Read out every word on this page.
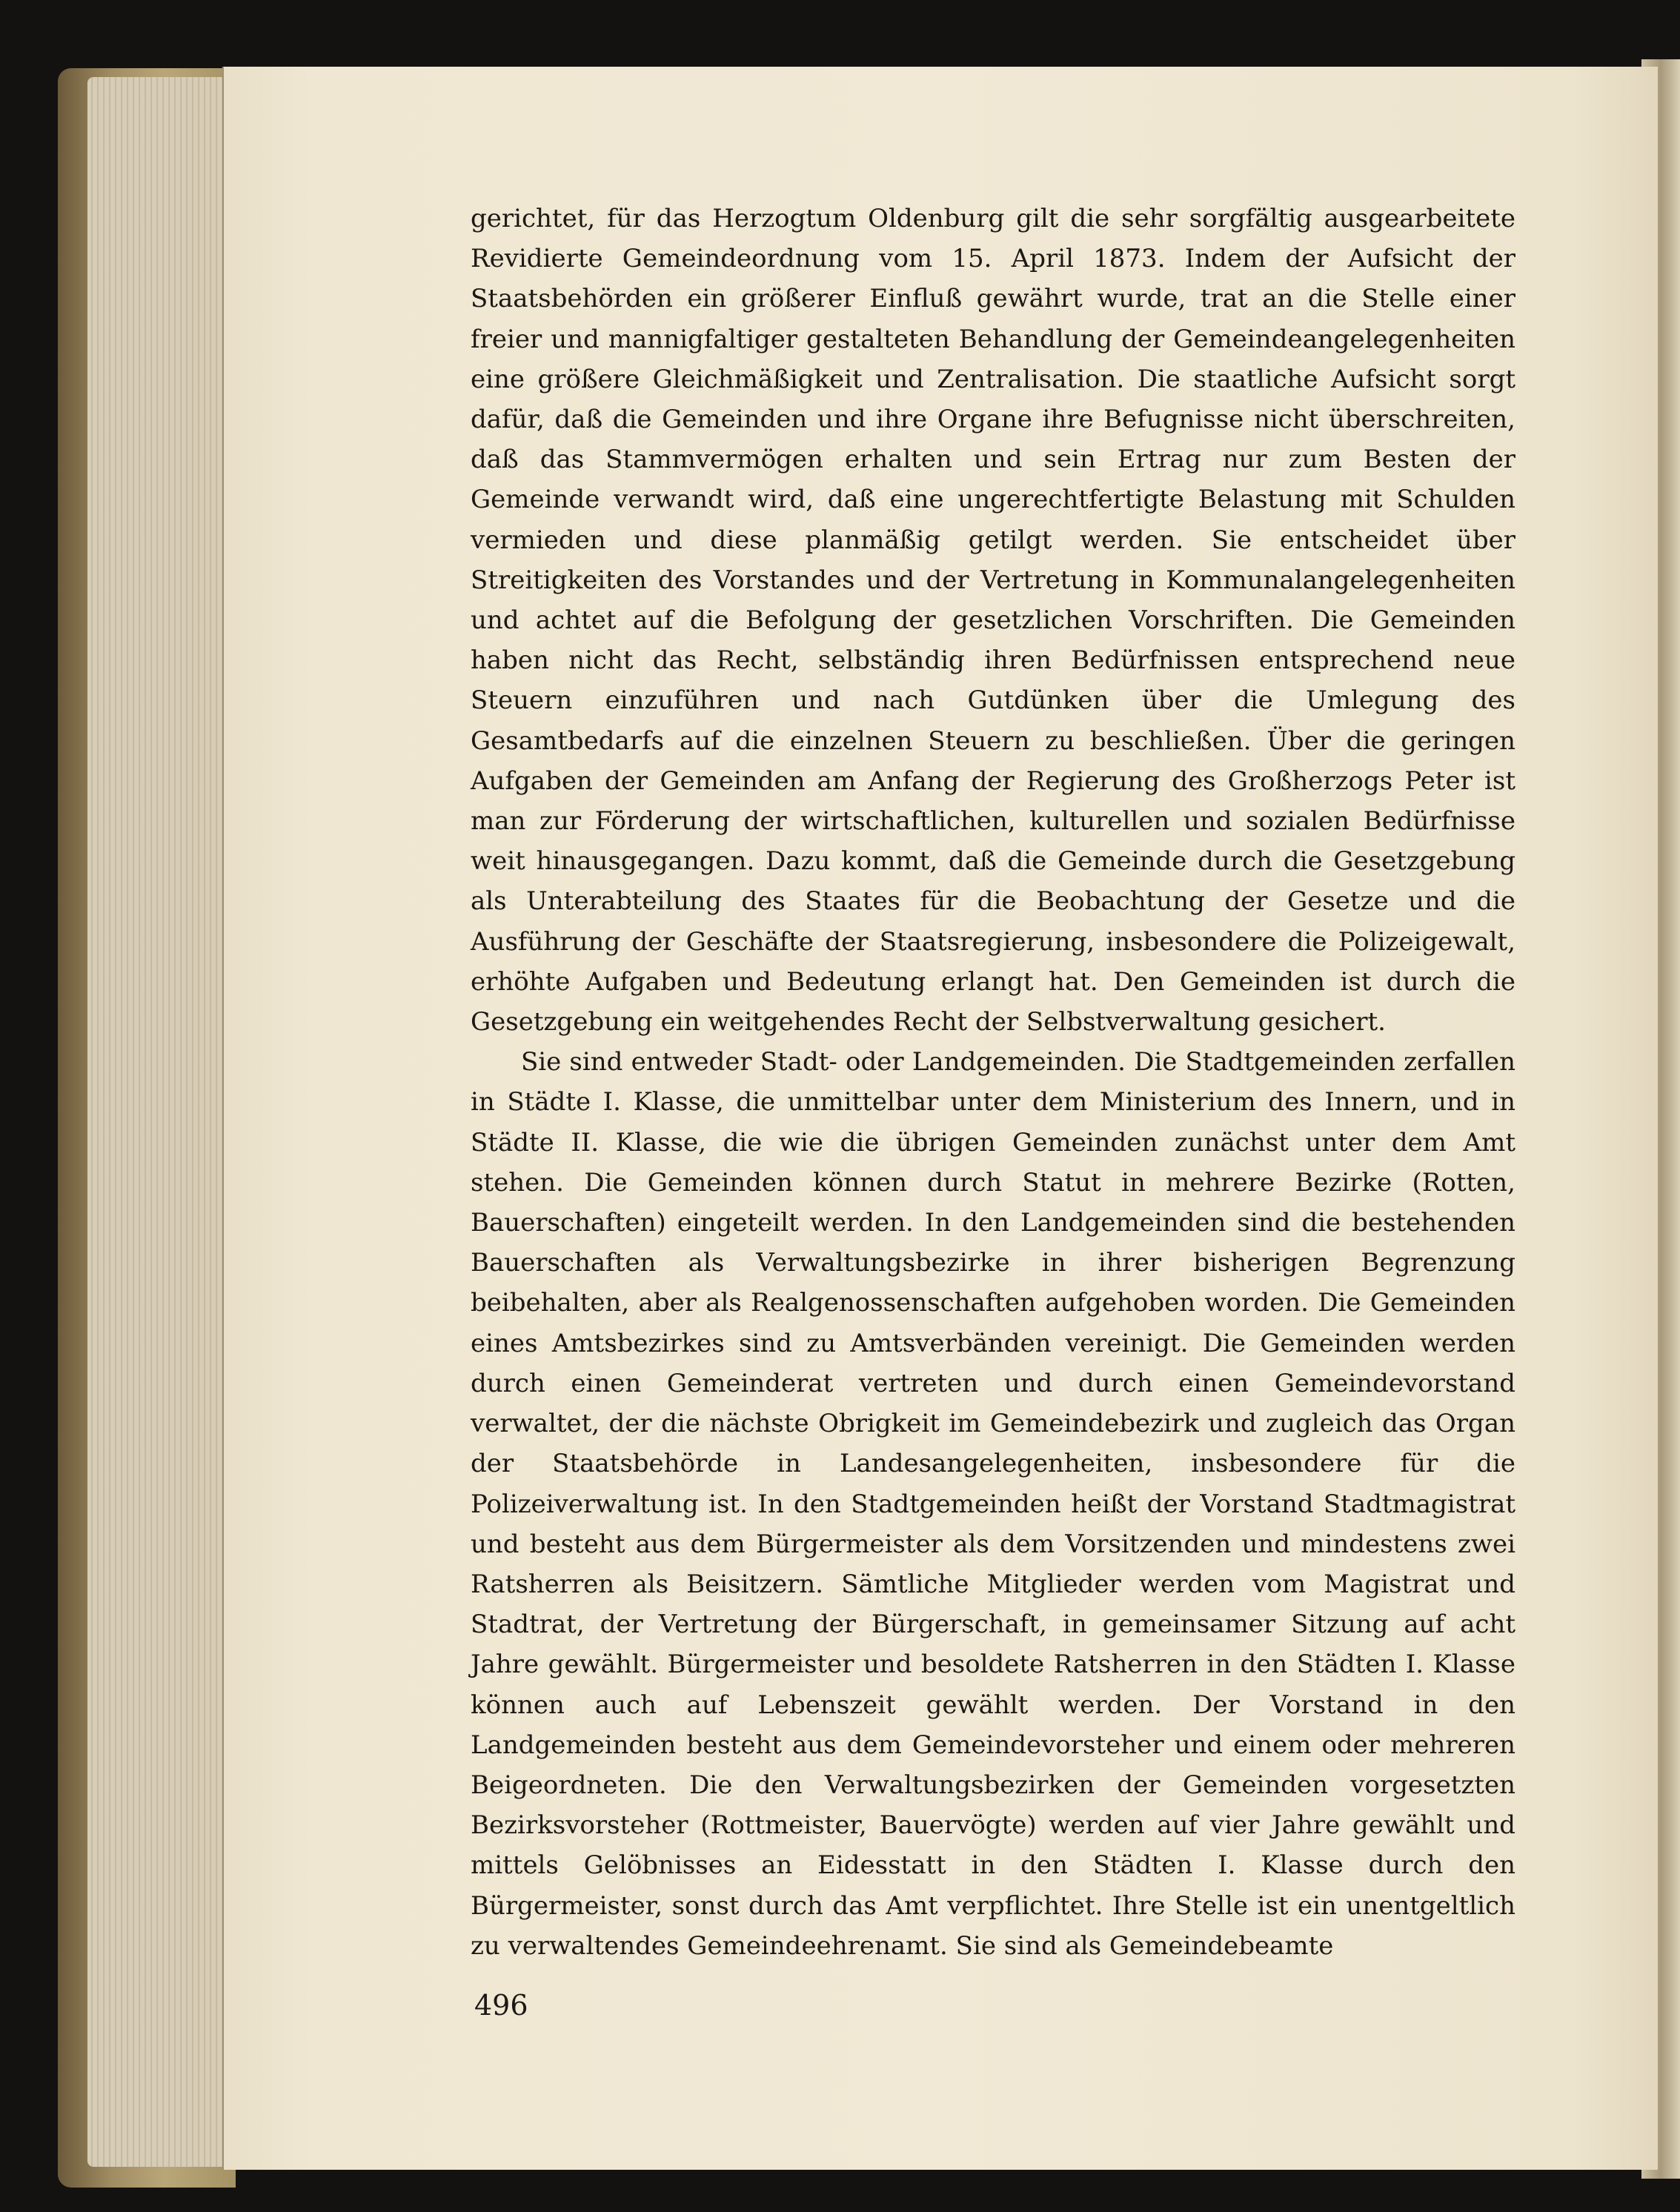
gerichtet, für das Herzogtum Oldenburg gilt die sehr sorgfältig ausgearbeitete Revidierte Gemeindeordnung vom 15. April 1873. Indem der Aufsicht der Staatsbehörden ein größerer Einfluß gewährt wurde, trat an die Stelle einer freier und mannigfaltiger gestalteten Behandlung der Gemeindeangelegenheiten eine größere Gleichmäßigkeit und Zentralisation. Die staatliche Aufsicht sorgt dafür, daß die Gemeinden und ihre Organe ihre Befugnisse nicht überschreiten, daß das Stammvermögen erhalten und sein Ertrag nur zum Besten der Gemeinde verwandt wird, daß eine ungerechtfertigte Belastung mit Schulden vermieden und diese planmäßig getilgt werden. Sie entscheidet über Streitigkeiten des Vorstandes und der Vertretung in Kommunalangelegenheiten und achtet auf die Befolgung der gesetzlichen Vorschriften. Die Gemeinden haben nicht das Recht, selbständig ihren Bedürfnissen entsprechend neue Steuern einzuführen und nach Gutdünken über die Umlegung des Gesamtbedarfs auf die einzelnen Steuern zu beschließen. Über die geringen Aufgaben der Gemeinden am Anfang der Regierung des Großherzogs Peter ist man zur Förderung der wirtschaftlichen, kulturellen und sozialen Bedürfnisse weit hinausgegangen. Dazu kommt, daß die Gemeinde durch die Gesetzgebung als Unterabteilung des Staates für die Beobachtung der Gesetze und die Ausführung der Geschäfte der Staatsregierung, insbesondere die Polizeigewalt, erhöhte Aufgaben und Bedeutung erlangt hat. Den Gemeinden ist durch die Gesetzgebung ein weitgehendes Recht der Selbstverwaltung gesichert.

Sie sind entweder Stadt- oder Landgemeinden. Die Stadtgemeinden zerfallen in Städte I. Klasse, die unmittelbar unter dem Ministerium des Innern, und in Städte II. Klasse, die wie die übrigen Gemeinden zunächst unter dem Amt stehen. Die Gemeinden können durch Statut in mehrere Bezirke (Rotten, Bauerschaften) eingeteilt werden. In den Landgemeinden sind die bestehenden Bauerschaften als Verwaltungsbezirke in ihrer bisherigen Begrenzung beibehalten, aber als Realgenossenschaften aufgehoben worden. Die Gemeinden eines Amtsbezirkes sind zu Amtsverbänden vereinigt. Die Gemeinden werden durch einen Gemeinderat vertreten und durch einen Gemeindevorstand verwaltet, der die nächste Obrigkeit im Gemeindebezirk und zugleich das Organ der Staatsbehörde in Landesangelegenheiten, insbesondere für die Polizeiverwaltung ist. In den Stadtgemeinden heißt der Vorstand Stadtmagistrat und besteht aus dem Bürgermeister als dem Vorsitzenden und mindestens zwei Ratsherren als Beisitzern. Sämtliche Mitglieder werden vom Magistrat und Stadtrat, der Vertretung der Bürgerschaft, in gemeinsamer Sitzung auf acht Jahre gewählt. Bürgermeister und besoldete Ratsherren in den Städten I. Klasse können auch auf Lebenszeit gewählt werden. Der Vorstand in den Landgemeinden besteht aus dem Gemeindevorsteher und einem oder mehreren Beigeordneten. Die den Verwaltungsbezirken der Gemeinden vorgesetzten Bezirksvorsteher (Rottmeister, Bauervögte) werden auf vier Jahre gewählt und mittels Gelöbnisses an Eidesstatt in den Städten I. Klasse durch den Bürgermeister, sonst durch das Amt verpflichtet. Ihre Stelle ist ein unentgeltlich zu verwaltendes Gemeindeehrenamt. Sie sind als Gemeindebeamte

496
